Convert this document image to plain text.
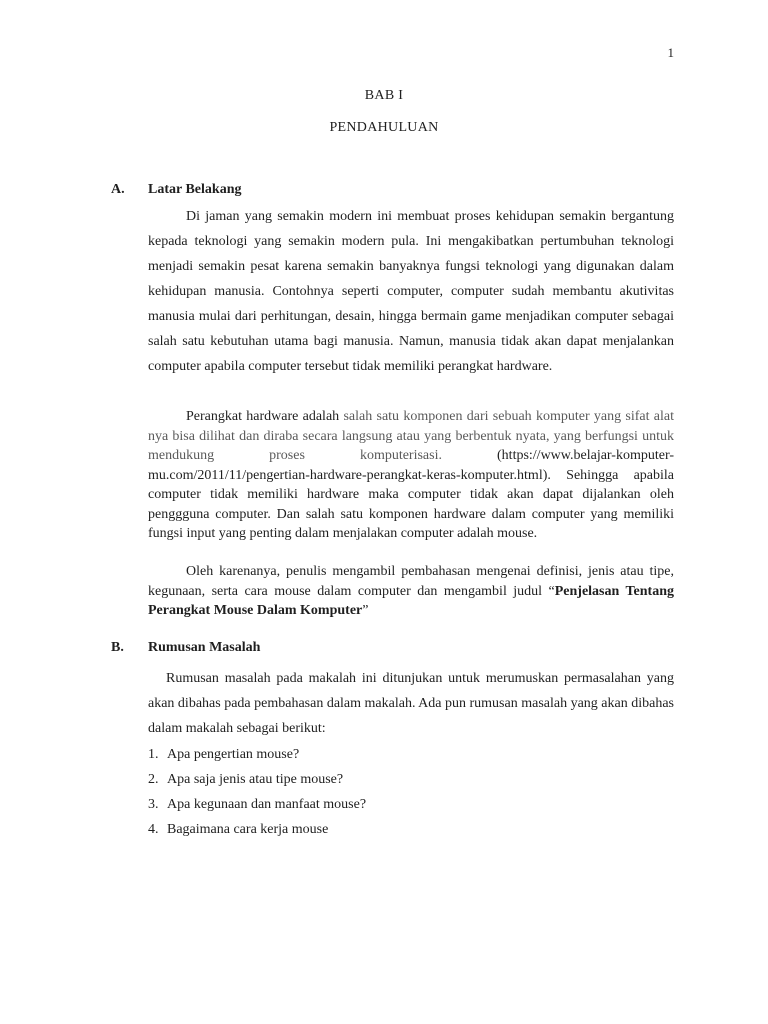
1
BAB I
PENDAHULUAN
A. Latar Belakang

Di jaman yang semakin modern ini membuat proses kehidupan semakin bergantung kepada teknologi yang semakin modern pula. Ini mengakibatkan pertumbuhan teknologi menjadi semakin pesat karena semakin banyaknya fungsi teknologi yang digunakan dalam kehidupan manusia. Contohnya seperti computer, computer sudah membantu akutivitas manusia mulai dari perhitungan, desain, hingga bermain game menjadikan computer sebagai salah satu kebutuhan utama bagi manusia. Namun, manusia tidak akan dapat menjalankan computer apabila computer tersebut tidak memiliki perangkat hardware.

Perangkat hardware adalah salah satu komponen dari sebuah komputer yang sifat alat nya bisa dilihat dan diraba secara langsung atau yang berbentuk nyata, yang berfungsi untuk mendukung proses komputerisasi. (https://www.belajar-komputer-mu.com/2011/11/pengertian-hardware-perangkat-keras-komputer.html). Sehingga apabila computer tidak memiliki hardware maka computer tidak akan dapat dijalankan oleh penggguna computer. Dan salah satu komponen hardware dalam computer yang memiliki fungsi input yang penting dalam menjalakan computer adalah mouse.

Oleh karenanya, penulis mengambil pembahasan mengenai definisi, jenis atau tipe, kegunaan, serta cara mouse dalam computer dan mengambil judul “Penjelasan Tentang Perangkat Mouse Dalam Komputer”

B. Rumusan Masalah

Rumusan masalah pada makalah ini ditunjukan untuk merumuskan permasalahan yang akan dibahas pada pembahasan dalam makalah. Ada pun rumusan masalah yang akan dibahas dalam makalah sebagai berikut:

1. Apa pengertian mouse?
2. Apa saja jenis atau tipe mouse?
3. Apa kegunaan dan manfaat mouse?
4. Bagaimana cara kerja mouse
